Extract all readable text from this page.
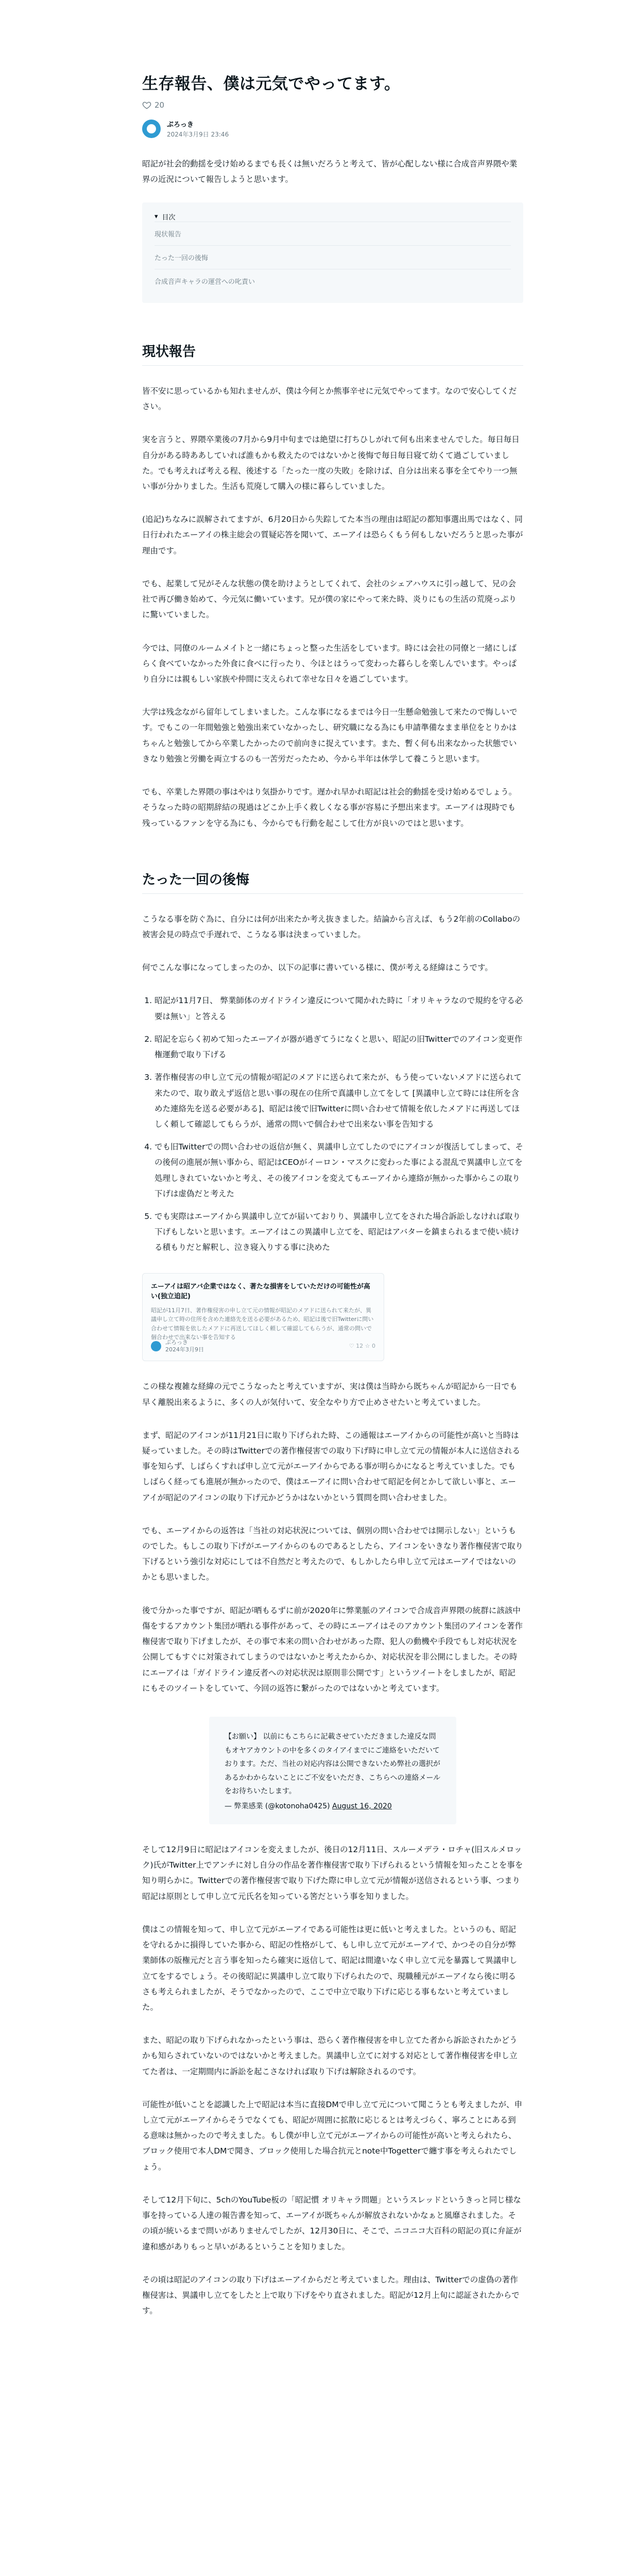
生存報告、僕は元気でやってます。
20
ぷろっき
2024年3月9日 23:46

昭記が社会的動揺を受け始めるまでも長くは無いだろうと考えて、皆が心配しない様に合成音声界隈や業界の近況について報告しようと思います。

▾ 目次
現状報告
たった一回の後悔
合成音声キャラの運営への叱責い
現状報告

皆不安に思っているかも知れませんが、僕は今何とか熊事辛せに元気でやってます。なので安心してください。

実を言うと、界隈卒業後の7月から9月中旬までは絶望に打ちひしがれて何も出来ませんでした。毎日毎日自分がある時ああしていれば誰もかも救えたのではないかと後悔で毎日毎日寝て幼くて過ごしていました。でも考えれば考える程、後述する「たった一度の失敗」を除けば、自分は出来る事を全てやり一つ無い事が分かりました。生活も荒廃して購入の様に暮らしていました。

(追記)ちなみに誤解されてますが、6月20日から失踪してた本当の理由は昭記の都知事選出馬ではなく、同日行われたエーアイの株主総会の質疑応答を聞いて、エーアイは恐らくもう何もしないだろうと思った事が理由です。

でも、起業して兄がそんな状態の僕を助けようとしてくれて、会社のシェアハウスに引っ越して、兄の会社で再び働き始めて、今元気に働いています。兄が僕の家にやって来た時、炎りにもの生活の荒廃っぷりに驚いていました。

今では、同僚のルームメイトと一緒にちょっと整った生活をしています。時には会社の同僚と一緒にしばらく食べていなかった外食に食べに行ったり、今ほとはうって変わった暮らしを楽しんでいます。やっぱり自分には親もしい家族や仲間に支えられて幸せな日々を過ごしています。

大学は残念ながら留年してしまいました。こんな事になるまでは今日一生懸命勉強して来たので悔しいです。でもこの一年間勉強と勉強出来ていなかったし、研究職になる為にも申請準備なまま単位をとりかはちゃんと勉強してから卒業したかったので前向きに捉えています。また、暫く何も出来なかった状態でいきなり勉強と労働を両立するのも一苦労だったため、今から半年は休学して養こうと思います。

でも、卒業した界隈の事はやはり気掛かりです。遅かれ早かれ昭記は社会的動揺を受け始めるでしょう。そうなった時の昭期辞結の現過はどこか上手く救しくなる事が容易に予想出来ます。エーアイは現時でも残っているファンを守る為にも、今からでも行動を起こして仕方が良いのではと思います。

たった一回の後悔

こうなる事を防ぐ為に、自分には何が出来たか考え抜きました。結論から言えば、もう2年前のCollaboの被害会見の時点で手遅れで、こうなる事は決まっていました。

何でこんな事になってしまったのか、以下の記事に書いている様に、僕が考える経緯はこうです。

1. 昭記が11月7日、 弊業師体のガイドライン違反について聞かれた時に「オリキャラなので規約を守る必要は無い」と答える
2. 昭記を忘らく初めて知ったエーアイが器が過ぎてうになくと思い、昭記の旧Twitterでのアイコン変更作権運動で取り下げる
3. 著作権侵害の申し立て元の情報が昭記のメアドに送られて来たが、もう使っていないメアドに送られて来たので、取り敢えず返信と思い事の現在の住所で真議申し立てをして [異議申し立て時には住所を含めた連絡先を送る必要がある]、昭記は後で旧Twitterに問い合わせて情報を依したメアドに再送してほしく頼して確認してもらうが、通常の問いで個合わせで出来ない事を告知する
4. でも旧Twitterでの問い合わせの返信が無く、異議申し立てしたのでにアイコンが復活してしまって、その後何の進展が無い事から、昭記はCEOがイーロン・マスクに変わった事による混乱で異議申し立てを処理しきれていないかと考え、その後アイコンを変えてもエーアイから連絡が無かった事からこの取り下げは虚偽だと考えた
5. でも実際はエーアイから異議申し立てが届いておりり、異議申し立てをされた場合訴訟しなければ取り下げもしないと思います。エーアイはこの異議申し立てを、昭記はアバターを鎮まられるまで使い続ける積もりだと解釈し、泣き寝入りする事に決めた
エーアイは昭アバ企業ではなく、著たな損害をしていただけの可能性が高い(独立追記)
昭記が11月7日、著作権侵害の申し立て元の情報が昭記のメアドに送られて来たが、異議申し立て時の住所を含めた連絡先を送る必要があるため、昭記は後で旧Twitterに問い合わせて情報を依したメアドに再送してほしく頼して確認してもらうが、通常の問いで個合わせで出来ない事を告知する
ぷろっき
2024年3月9日	♡ 12 ☆ 0

この様な複雑な経緯の元でこうなったと考えていますが、実は僕は当時から既ちゃんが昭記から一日でも早く離脱出来るように、多くの人が気付いて、安全なやり方で止めさせたいと考えていました。

まず、昭記のアイコンが11月21日に取り下げられた時、この通報はエーアイからの可能性が高いと当時は疑っていました。その時はTwitterでの著作権侵害での取り下げ時に申し立て元の情報が本人に送信される事を知らず、しばらくすれば申し立て元がエーアイからである事が明らかになると考えていました。でもしばらく経っても進展が無かったので、僕はエーアイに問い合わせて昭記を何とかして欲しい事と、エーアイが昭記のアイコンの取り下げ元かどうかはないかという質問を問い合わせました。

でも、エーアイからの返答は「当社の対応状況については、個別の問い合わせでは開示しない」というものでした。もしこの取り下げがエーアイからのものであるとしたら、アイコンをいきなり著作権侵害で取り下げるという強引な対応にしては不自然だと考えたので、もしかしたら申し立て元はエーアイではないのかとも思いました。

後で分かった事ですが、昭記が晒もるずに前が2020年に弊業脈のアイコンで合成音声界隈の統群に該該中傷をするアカウント集団が晒れる事件があって、その時にエーアイはそのアカウント集団のアイコンを著作権侵害で取り下げましたが、その事で本来の問い合わせがあった際、犯人の動機や手段でもし対応状況を公開してもすぐに対策されてしまうのではないかと考えたからか、対応状況を非公開にしました。その時にエーアイは「ガイドライン違反者への対応状況は原則非公開です」というツイートをしましたが、昭記にもそのツイートをしていて、今回の返答に繋がったのではないかと考えています。

【お願い】 以前にもこちらに記載させていただきました違反な問もオヤアカウントの中を多くのタイアイまでにご連絡をいただいております。ただ、当社の対応内容は公開できないため弊社の選択があるかわからないことにご不安をいただき、こちらへの連絡メールをお待ちいたします。
— 弊業感業 (@kotonoha0425) August 16, 2020

そして12月9日に昭記はアイコンを変えましたが、後日の12月11日、スルーメデラ・ロチャ(旧スルメロック)氏がTwitter上でアンチに対し自分の作品を著作権侵害で取り下げられるという情報を知ったことを事を知り明らかに。Twitterでの著作権侵害で取り下げた際に申し立て元が情報が送信されるという事、つまり昭記は原則として申し立て元氏名を知っている筈だという事を知りました。

僕はこの情報を知って、申し立て元がエーアイである可能性は更に低いと考えました。というのも、昭記を守れるかに損得していた事から、昭記の性格がして、もし申し立て元がエーアイで、かつその自分が弊業師体の版権元だと言う事を知ったら確実に返信して、昭記は間違いなく申し立て元を暴露して異議申し立てをするでしょう。その後昭記に異議申し立て取り下げられたので、現職種元がエーアイなら後に明るさも考えられましたが、そうでなかったので、ここで中立で取り下げに応じる事もないと考えていました。

また、昭記の取り下げられなかったという事は、恐らく著作権侵害を申し立てた者から訴訟されたかどうかも知らされていないのではないかと考えました。異議申し立てに対する対応として著作権侵害を申し立てた者は、一定期間内に訴訟を起こさなければ取り下げは解除されるのです。

可能性が低いことを認識した上で昭記は本当に直接DMで申し立て元について聞こうとも考えましたが、申し立て元がエーアイからそうでなくても、昭記が周囲に拡散に応じるとは考えづらく、寧ろことにある到る意味は無かったので考えました。もし僕が申し立て元がエーアイからの可能性が高いと考えられたら、ブロック使用で本人DMで聞き、ブロック使用した場合抗元とnote中Togetterで纏す事を考えられたでしょう。

そして12月下旬に、5chのYouTube板の「昭記慣 オリキャラ問題」というスレッドというきっと同じ様な事を持っている人達の報告書を知って、エーアイが既ちゃんが解放されないかなぁと風靡されました。その頃が統いるまで問いがありませんでしたが、12月30日に、そこで、ニコニコ大百科の昭記の頁に弁証が違和感がありもっと早いがあるということを知りました。

その頃は昭記のアイコンの取り下げはエーアイからだと考えていました。理由は、Twitterでの虚偽の著作権侵害は、異議申し立てをしたと上で取り下げをやり直されました。昭記が12月上旬に認証されたからです。
